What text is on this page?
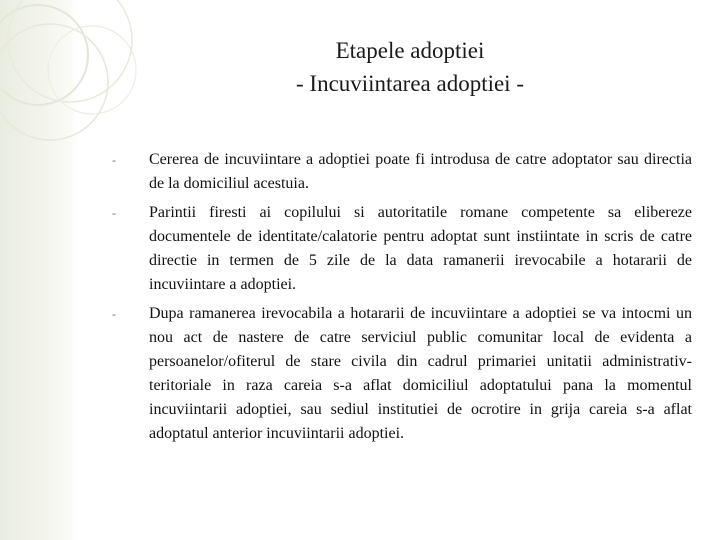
Etapele adoptiei
- Incuviintarea adoptiei -
- Cererea de incuviintare a adoptiei poate fi introdusa de catre adoptator sau directia de la domiciliul acestuia.
- Parintii firesti ai copilului si autoritatile romane competente sa elibereze documentele de identitate/calatorie pentru adoptat sunt instiintate in scris de catre directie in termen de 5 zile de la data ramanerii irevocabile a hotararii de incuviintare a adoptiei.
- Dupa ramanerea irevocabila a hotararii de incuviintare a adoptiei se va intocmi un nou act de nastere de catre serviciul public comunitar local de evidenta a persoanelor/ofiterul de stare civila din cadrul primariei unitatii administrativ-teritoriale in raza careia s-a aflat domiciliul adoptatului pana la momentul incuviintarii adoptiei, sau sediul institutiei de ocrotire in grija careia s-a aflat adoptatul anterior incuviintarii adoptiei.
